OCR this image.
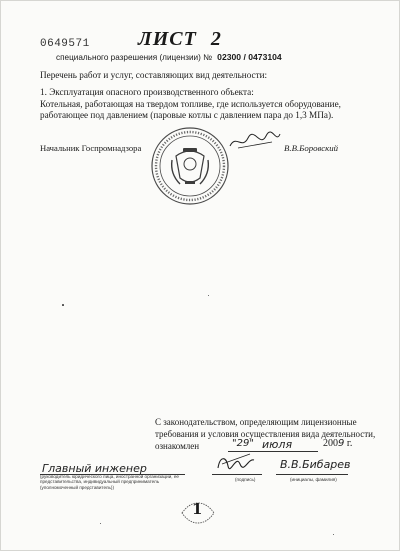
0649571 ЛИСТ 2
специального разрешения (лицензии) № 02300 / 0473104
Перечень работ и услуг, составляющих вид деятельности:
1. Эксплуатация опасного производственного объекта:
Котельная, работающая на твердом топливе, где используется оборудование,
работающее под давлением (паровые котлы с давлением пара до 1,3 МПа).
Начальник Госпромнадзора	В.В.Боровский
С законодательством, определяющим лицензионные
требования и условия осуществления вида деятельности,
ознакомлен	"29" июля	2009 г.
Главный инженер	В.В.Бибарев
(руководитель юридического лица, иностранной организации, ее представительства, индивидуальный предприниматель (уполномоченный представитель))
(подпись)	(инициалы, фамилия)
1
